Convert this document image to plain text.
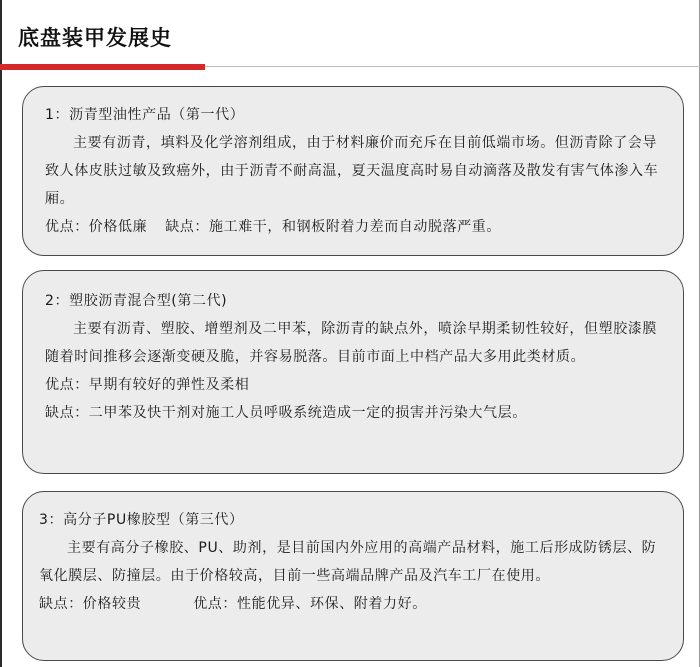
底盘装甲发展史
1：沥青型油性产品（第一代）
主要有沥青，填料及化学溶剂组成，由于材料廉价而充斥在目前低端市场。但沥青除了会导致人体皮肤过敏及致癌外，由于沥青不耐高温，夏天温度高时易自动滴落及散发有害气体渗入车厢。
优点：价格低廉 缺点：施工难干，和钢板附着力差而自动脱落严重。
2：塑胶沥青混合型(第二代)
主要有沥青、塑胶、增塑剂及二甲苯，除沥青的缺点外，喷涂早期柔韧性较好，但塑胶漆膜随着时间推移会逐渐变硬及脆，并容易脱落。目前市面上中档产品大多用此类材质。
优点：早期有较好的弹性及柔相
缺点：二甲苯及快干剂对施工人员呼吸系统造成一定的损害并污染大气层。
3：高分子PU橡胶型（第三代）
主要有高分子橡胶、PU、助剂，是目前国内外应用的高端产品材料，施工后形成防锈层、防氧化膜层、防撞层。由于价格较高，目前一些高端品牌产品及汽车工厂在使用。
缺点：价格较贵	优点：性能优异、环保、附着力好。
